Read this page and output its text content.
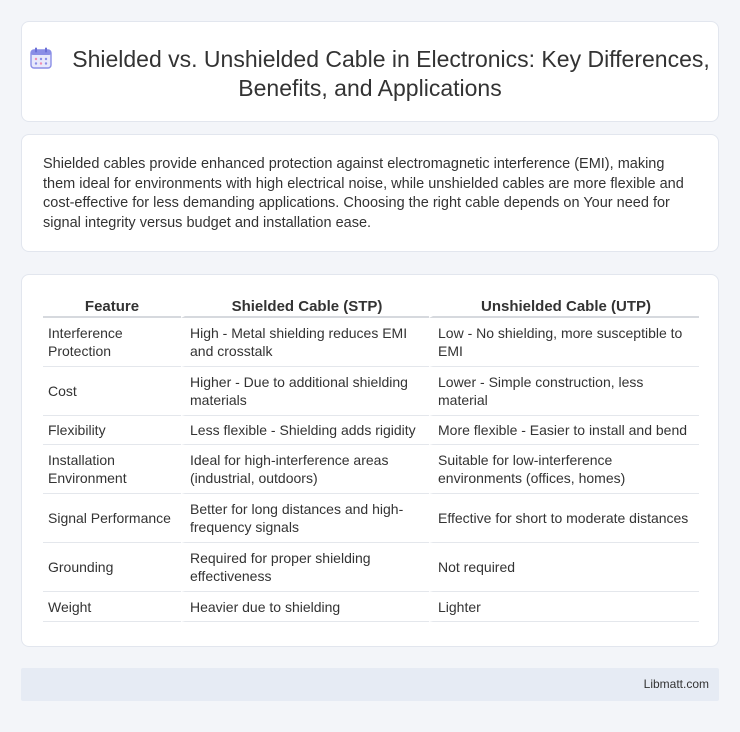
Shielded vs. Unshielded Cable in Electronics: Key Differences, Benefits, and Applications

Shielded cables provide enhanced protection against electromagnetic interference (EMI), making them ideal for environments with high electrical noise, while unshielded cables are more flexible and cost-effective for less demanding applications. Choosing the right cable depends on Your need for signal integrity versus budget and installation ease.

Feature	Shielded Cable (STP)	Unshielded Cable (UTP)
Interference Protection	High - Metal shielding reduces EMI and crosstalk	Low - No shielding, more susceptible to EMI
Cost	Higher - Due to additional shielding materials	Lower - Simple construction, less material
Flexibility	Less flexible - Shielding adds rigidity	More flexible - Easier to install and bend
Installation Environment	Ideal for high-interference areas (industrial, outdoors)	Suitable for low-interference environments (offices, homes)
Signal Performance	Better for long distances and high-frequency signals	Effective for short to moderate distances
Grounding	Required for proper shielding effectiveness	Not required
Weight	Heavier due to shielding	Lighter
Libmatt.com
